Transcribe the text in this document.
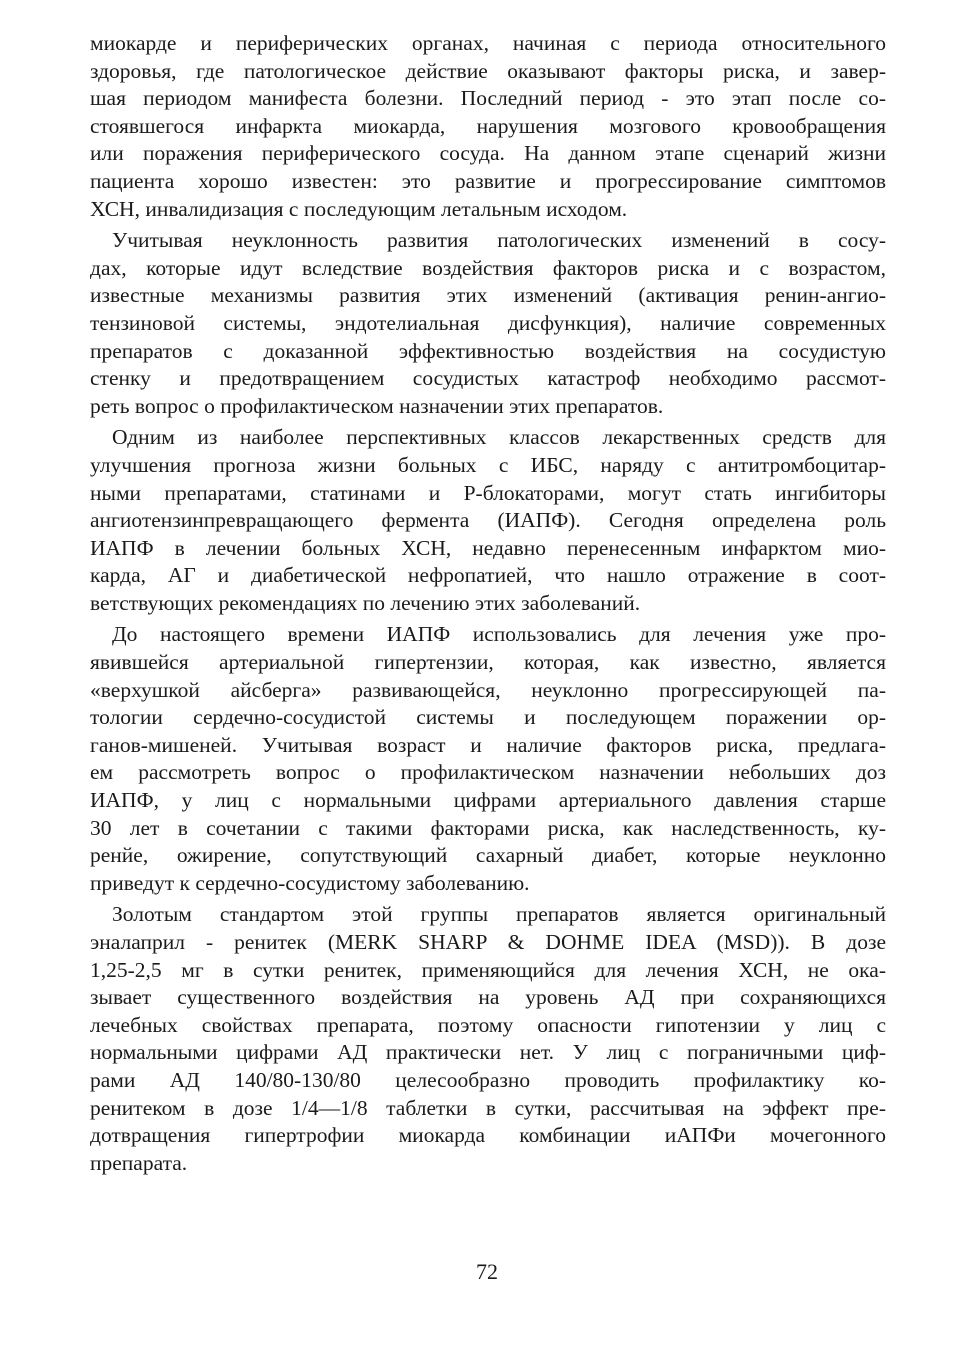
миокарде и периферических органах, начиная с периода относительного
здоровья, где патологическое действие оказывают факторы риска, и завер-
шая периодом манифеста болезни. Последний период - это этап после со-
стоявшегося инфаркта миокарда, нарушения мозгового кровообращения
или поражения периферического сосуда. На данном этапе сценарий жизни
пациента хорошо известен: это развитие и прогрессирование симптомов
ХСН, инвалидизация с последующим летальным исходом.
Учитывая неуклонность развития патологических изменений в сосу-
дах, которые идут вследствие воздействия факторов риска и с возрастом,
известные механизмы развития этих изменений (активация ренин-ангио-
тензиновой системы, эндотелиальная дисфункция), наличие современных
препаратов с доказанной эффективностью воздействия на сосудистую
стенку и предотвращением сосудистых катастроф необходимо рассмот-
реть вопрос о профилактическом назначении этих препаратов.
Одним из наиболее перспективных классов лекарственных средств для
улучшения прогноза жизни больных с ИБС, наряду с антитромбоцитар-
ными препаратами, статинами и Р-блокаторами, могут стать ингибиторы
ангиотензинпревращающего фермента (ИАПФ). Сегодня определена роль
ИАПФ в лечении больных ХСН, недавно перенесенным инфарктом мио-
карда, АГ и диабетической нефропатией, что нашло отражение в соот-
ветствующих рекомендациях по лечению этих заболеваний.
До настоящего времени ИАПФ использовались для лечения уже про-
явившейся артериальной гипертензии, которая, как известно, является
«верхушкой айсберга» развивающейся, неуклонно прогрессирующей па-
тологии сердечно-сосудистой системы и последующем поражении ор-
ганов-мишеней. Учитывая возраст и наличие факторов риска, предлага-
ем рассмотреть вопрос о профилактическом назначении небольших доз
ИАПФ, у лиц с нормальными цифрами артериального давления старше
30 лет в сочетании с такими факторами риска, как наследственность, ку-
ренйе, ожирение, сопутствующий сахарный диабет, которые неуклонно
приведут к сердечно-сосудистому заболеванию.
Золотым стандартом этой группы препаратов является оригинальный
эналаприл - ренитек (MERK SHARP & DOHME IDEA (MSD)). В дозе
1,25-2,5 мг в сутки ренитек, применяющийся для лечения ХСН, не ока-
зывает существенного воздействия на уровень АД при сохраняющихся
лечебных свойствах препарата, поэтому опасности гипотензии у лиц с
нормальными цифрами АД практически нет. У лиц с пограничными циф-
рами АД 140/80-130/80 целесообразно проводить профилактику ко-
ренитеком в дозе 1/4—1/8 таблетки в сутки, рассчитывая на эффект пре-
дотвращения гипертрофии миокарда комбинации иАПФи мочегонного
препарата.
72
